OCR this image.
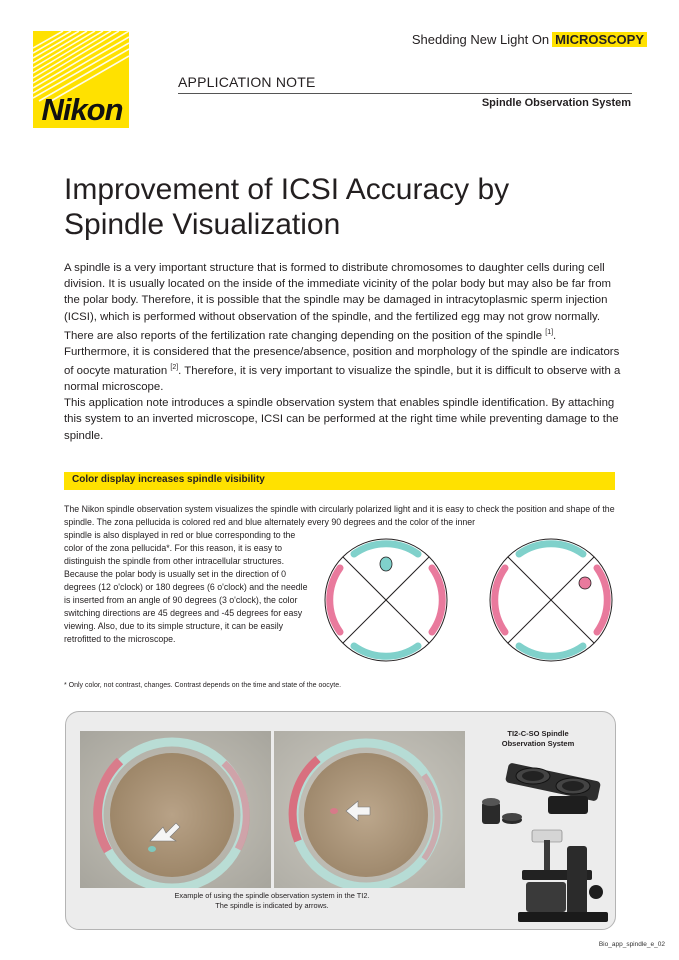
Nikon
Shedding New Light On MICROSCOPY
APPLICATION NOTE
Spindle Observation System
Improvement of ICSI Accuracy by
Spindle Visualization

A spindle is a very important structure that is formed to distribute chromosomes to daughter cells during cell division. It is usually located on the inside of the immediate vicinity of the polar body but may also be far from the polar body. Therefore, it is possible that the spindle may be damaged in intracytoplasmic sperm injection (ICSI), which is performed without observation of the spindle, and the fertilized egg may not grow normally. There are also reports of the fertilization rate changing depending on the position of the spindle [1]. Furthermore, it is considered that the presence/absence, position and morphology of the spindle are indicators of oocyte maturation [2]. Therefore, it is very important to visualize the spindle, but it is difficult to observe with a normal microscope.

This application note introduces a spindle observation system that enables spindle identification. By attaching this system to an inverted microscope, ICSI can be performed at the right time while preventing damage to the spindle.

Color display increases spindle visibility
The Nikon spindle observation system visualizes the spindle with circularly polarized light and it is easy to check the position and shape of the spindle. The zona pellucida is colored red and blue alternately every 90 degrees and the color of the inner

spindle is also displayed in red or blue corresponding to the color of the zona pellucida*. For this reason, it is easy to distinguish the spindle from other intracellular structures.

Because the polar body is usually set in the direction of 0 degrees (12 o'clock) or 180 degrees (6 o'clock) and the needle is inserted from an angle of 90 degrees (3 o'clock), the color switching directions are 45 degrees and -45 degrees for easy viewing. Also, due to its simple structure, it can be easily retrofitted to the microscope.

* Only color, not contrast, changes. Contrast depends on the time and state of the oocyte.
TI2-C-SO Spindle
Observation System
Example of using the spindle observation system in the TI2.
The spindle is indicated by arrows.
Bio_app_spindle_e_02
